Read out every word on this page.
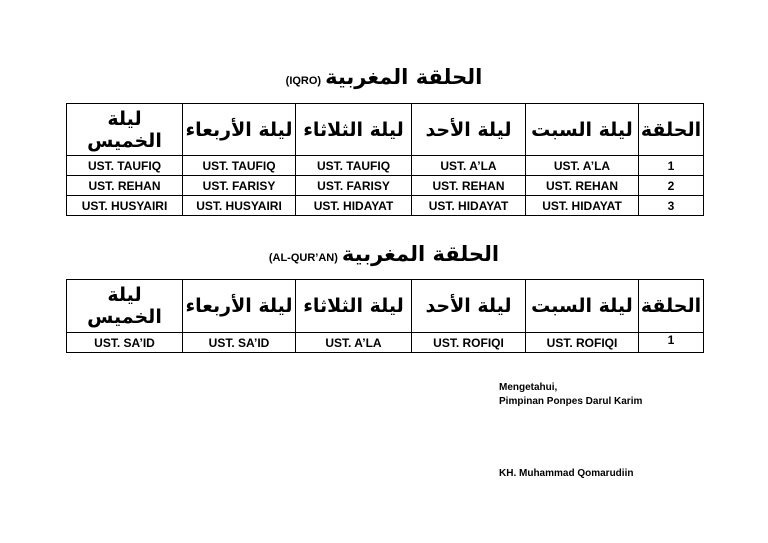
(IQRO) الحلقة المغربية
ليلة الخميس	ليلة الأربعاء	ليلة الثلاثاء	ليلة الأحد	ليلة السبت	الحلقة
UST. TAUFIQ	UST. TAUFIQ	UST. TAUFIQ	UST. A’LA	UST. A’LA	1
UST. REHAN	UST. FARISY	UST. FARISY	UST. REHAN	UST. REHAN	2
UST. HUSYAIRI	UST. HUSYAIRI	UST. HIDAYAT	UST. HIDAYAT	UST. HIDAYAT	3
(AL-QUR’AN) الحلقة المغربية
ليلة الخميس	ليلة الأربعاء	ليلة الثلاثاء	ليلة الأحد	ليلة السبت	الحلقة
UST. SA’ID	UST. SA’ID	UST. A’LA	UST. ROFIQI	UST. ROFIQI	1
Mengetahui,
Pimpinan Ponpes Darul Karim
KH. Muhammad Qomarudiin
